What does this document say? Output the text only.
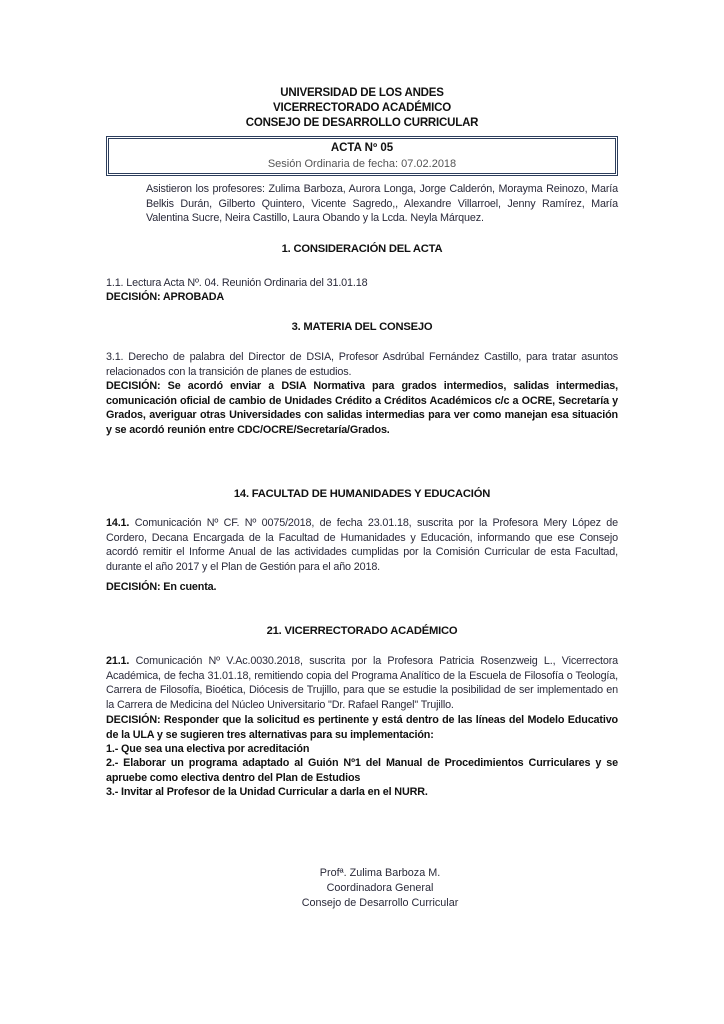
UNIVERSIDAD DE LOS ANDES
VICERRECTORADO ACADÉMICO
CONSEJO DE DESARROLLO CURRICULAR
ACTA Nº 05
Sesión Ordinaria de fecha: 07.02.2018
Asistieron los profesores: Zulima Barboza, Aurora Longa, Jorge Calderón, Morayma Reinozo, María Belkis Durán, Gilberto Quintero, Vicente Sagredo,, Alexandre Villarroel, Jenny Ramírez, María Valentina Sucre, Neira Castillo, Laura Obando y la Lcda. Neyla Márquez.
1. CONSIDERACIÓN DEL ACTA
1.1. Lectura Acta Nº. 04. Reunión Ordinaria del 31.01.18
DECISIÓN: APROBADA
3. MATERIA DEL CONSEJO
3.1. Derecho de palabra del Director de DSIA, Profesor Asdrúbal Fernández Castillo, para tratar asuntos relacionados con la transición de planes de estudios.
DECISIÓN: Se acordó enviar a DSIA Normativa para grados intermedios, salidas intermedias, comunicación oficial de cambio de Unidades Crédito a Créditos Académicos c/c a OCRE, Secretaría y Grados, averiguar otras Universidades con salidas intermedias para ver como manejan esa situación y se acordó reunión entre CDC/OCRE/Secretaría/Grados.
14. FACULTAD DE HUMANIDADES Y EDUCACIÓN
14.1. Comunicación Nº CF. Nº 0075/2018, de fecha 23.01.18, suscrita por la Profesora Mery López de Cordero, Decana Encargada de la Facultad de Humanidades y Educación, informando que ese Consejo acordó remitir el Informe Anual de las actividades cumplidas por la Comisión Curricular de esta Facultad, durante el año 2017 y el Plan de Gestión para el año 2018.
DECISIÓN: En cuenta.
21. VICERRECTORADO ACADÉMICO
21.1. Comunicación Nº V.Ac.0030.2018, suscrita por la Profesora Patricia Rosenzweig L., Vicerrectora Académica, de fecha 31.01.18, remitiendo copia del Programa Analítico de la Escuela de Filosofía o Teología, Carrera de Filosofía, Bioética, Diócesis de Trujillo, para que se estudie la posibilidad de ser implementado en la Carrera de Medicina del Núcleo Universitario "Dr. Rafael Rangel" Trujillo.
DECISIÓN: Responder que la solicitud es pertinente y está dentro de las líneas del Modelo Educativo de la ULA y se sugieren tres alternativas para su implementación:
1.- Que sea una electiva por acreditación
2.- Elaborar un programa adaptado al Guión Nº1 del Manual de Procedimientos Curriculares y se apruebe como electiva dentro del Plan de Estudios
3.- Invitar al Profesor de la Unidad Curricular a darla en el NURR.
Profª. Zulima Barboza M.
Coordinadora General
Consejo de Desarrollo Curricular
